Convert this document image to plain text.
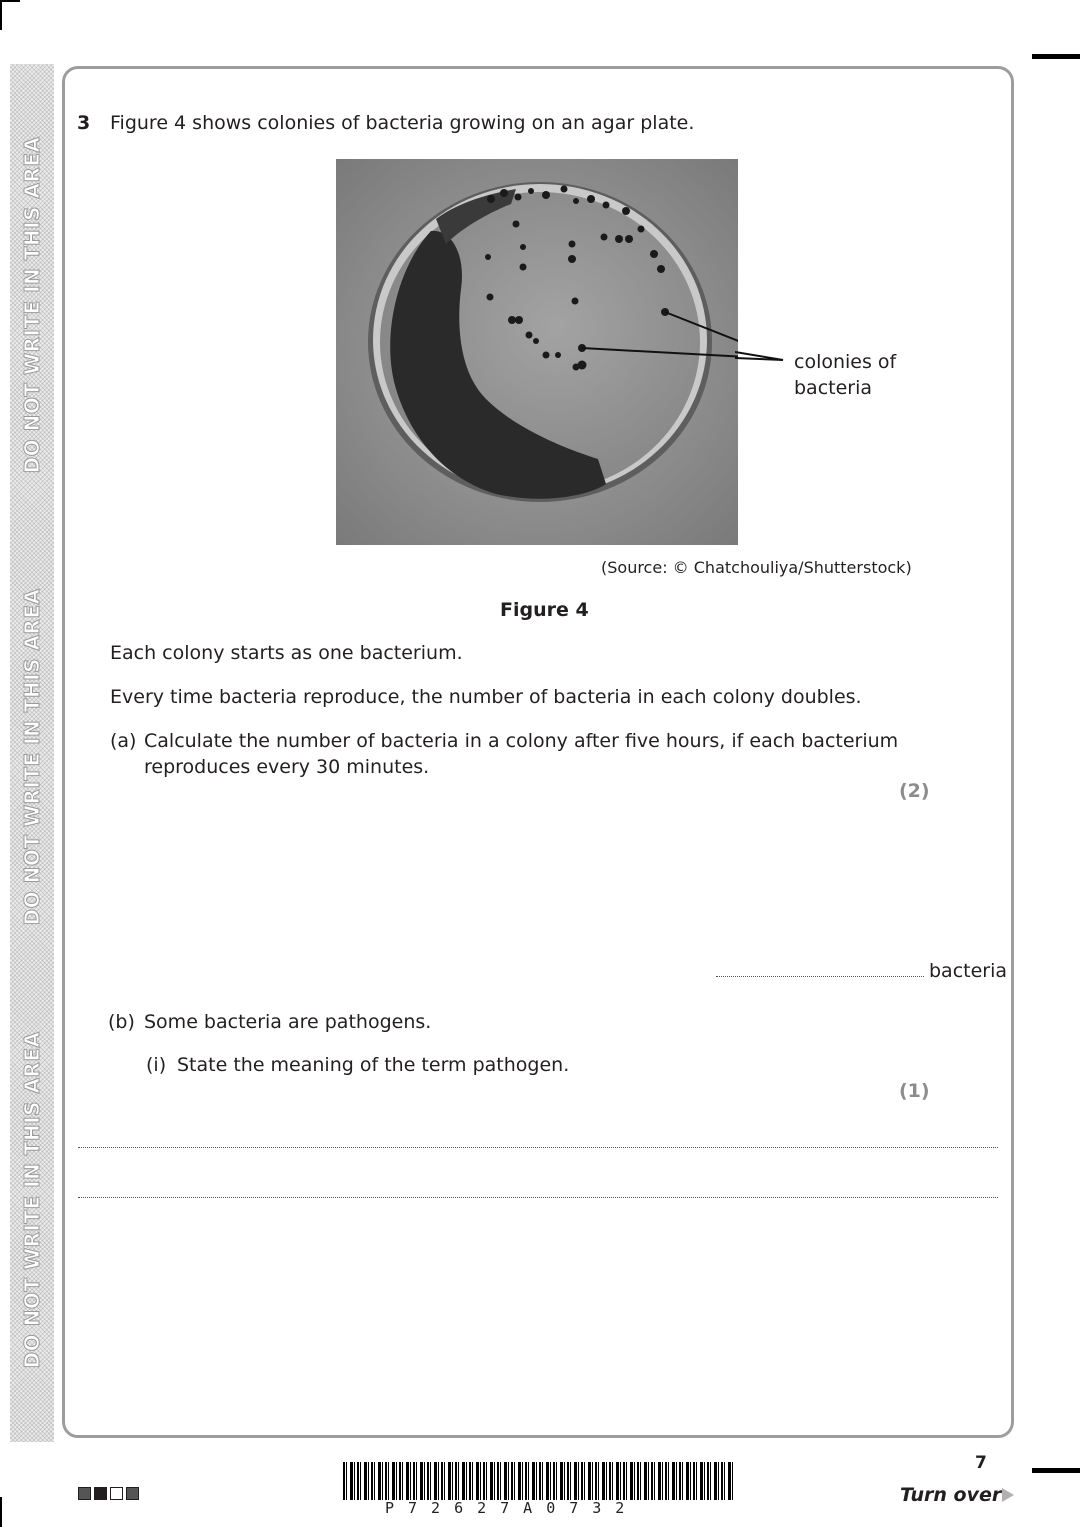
DO NOT WRITE IN THIS AREA
DO NOT WRITE IN THIS AREA
DO NOT WRITE IN THIS AREA
3 Figure 4 shows colonies of bacteria growing on an agar plate.
colonies of
bacteria
(Source: © Chatchouliya/Shutterstock)
Figure 4
Each colony starts as one bacterium.
Every time bacteria reproduce, the number of bacteria in each colony doubles.
(a) Calculate the number of bacteria in a colony after five hours, if each bacterium
reproduces every 30 minutes.
(2)
bacteria
(b) Some bacteria are pathogens.
(i) State the meaning of the term pathogen.
(1)
P72627A0732
7
Turn over
